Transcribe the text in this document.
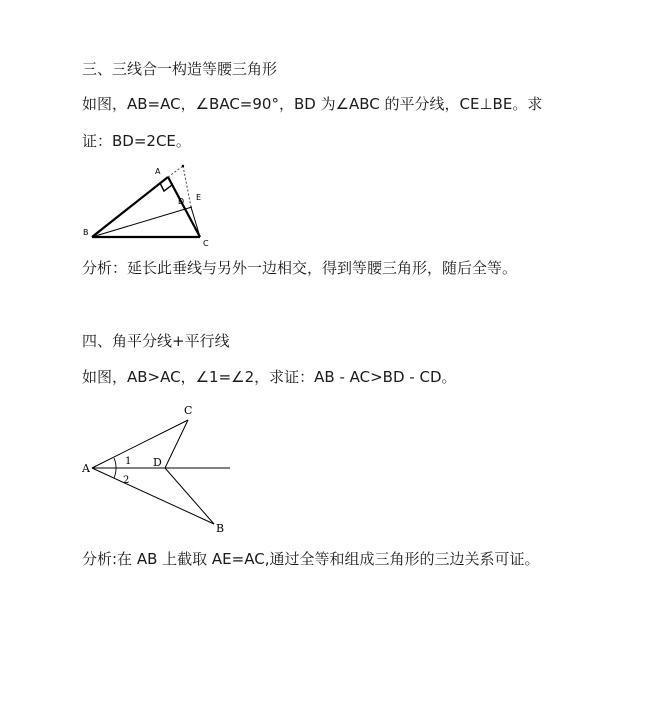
三、三线合一构造等腰三角形
如图，AB=AC，∠BAC=90°，BD 为∠ABC 的平分线，CE⊥BE。求
证：BD=2CE。
A
B
C
D E
分析：延长此垂线与另外一边相交，得到等腰三角形，随后全等。
四、角平分线+平行线
如图，AB>AC，∠1=∠2，求证：AB - AC>BD - CD。
A
C
D
B
1
2
分析:在 AB 上截取 AE=AC,通过全等和组成三角形的三边关系可证。
